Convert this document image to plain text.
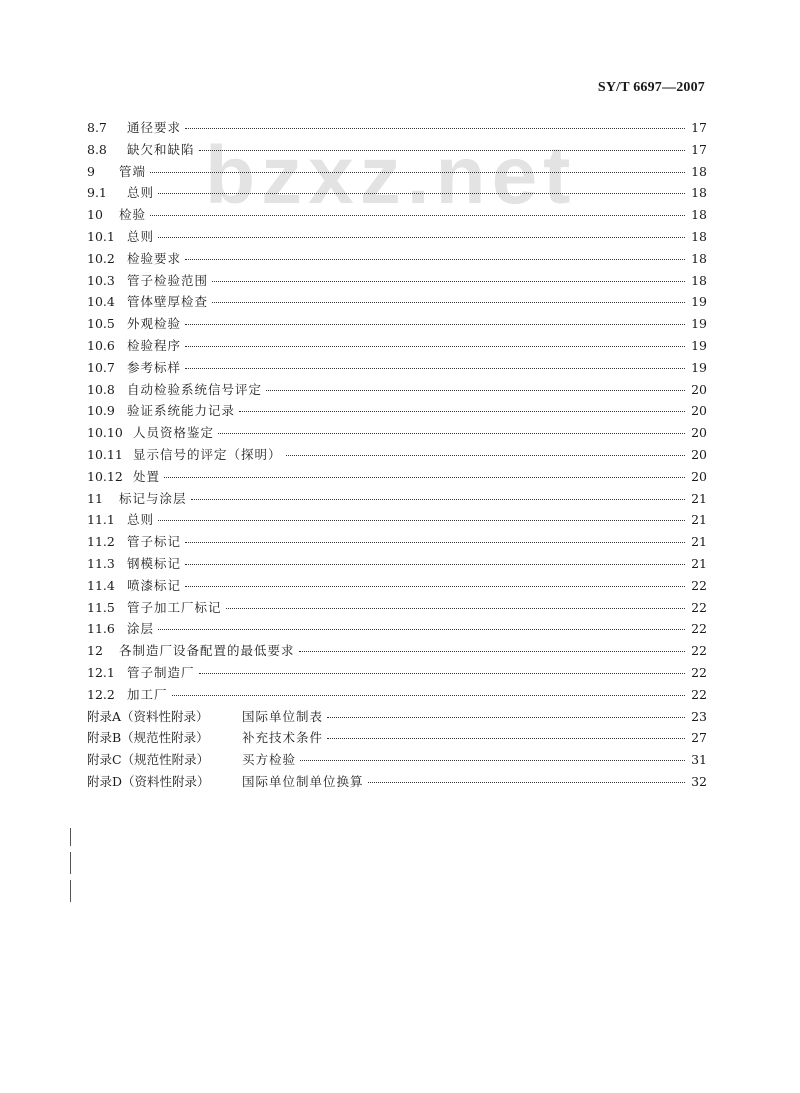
SY/T 6697—2007
bzxz.net
8.7	通径要求	17
8.8	缺欠和缺陷	17
9	管端	18
9.1	总则	18
10	检验	18
10.1 总则	18
10.2 检验要求	18
10.3 管子检验范围	18
10.4 管体壁厚检查	19
10.5 外观检验	19
10.6 检验程序	19
10.7 参考标样	19
10.8 自动检验系统信号评定	20
10.9 验证系统能力记录	20
10.10 人员资格鉴定	20
10.11 显示信号的评定（探明）	20
10.12 处置	20
11	标记与涂层	21
11.1 总则	21
11.2 管子标记	21
11.3 钢模标记	21
11.4 喷漆标记	22
11.5 管子加工厂标记	22
11.6 涂层	22
12	各制造厂设备配置的最低要求	22
12.1 管子制造厂	22
12.2 加工厂	22
附录A（资料性附录）	国际单位制表	23
附录B（规范性附录）	补充技术条件	27
附录C（规范性附录）	买方检验	31
附录D（资料性附录）	国际单位制单位换算	32
